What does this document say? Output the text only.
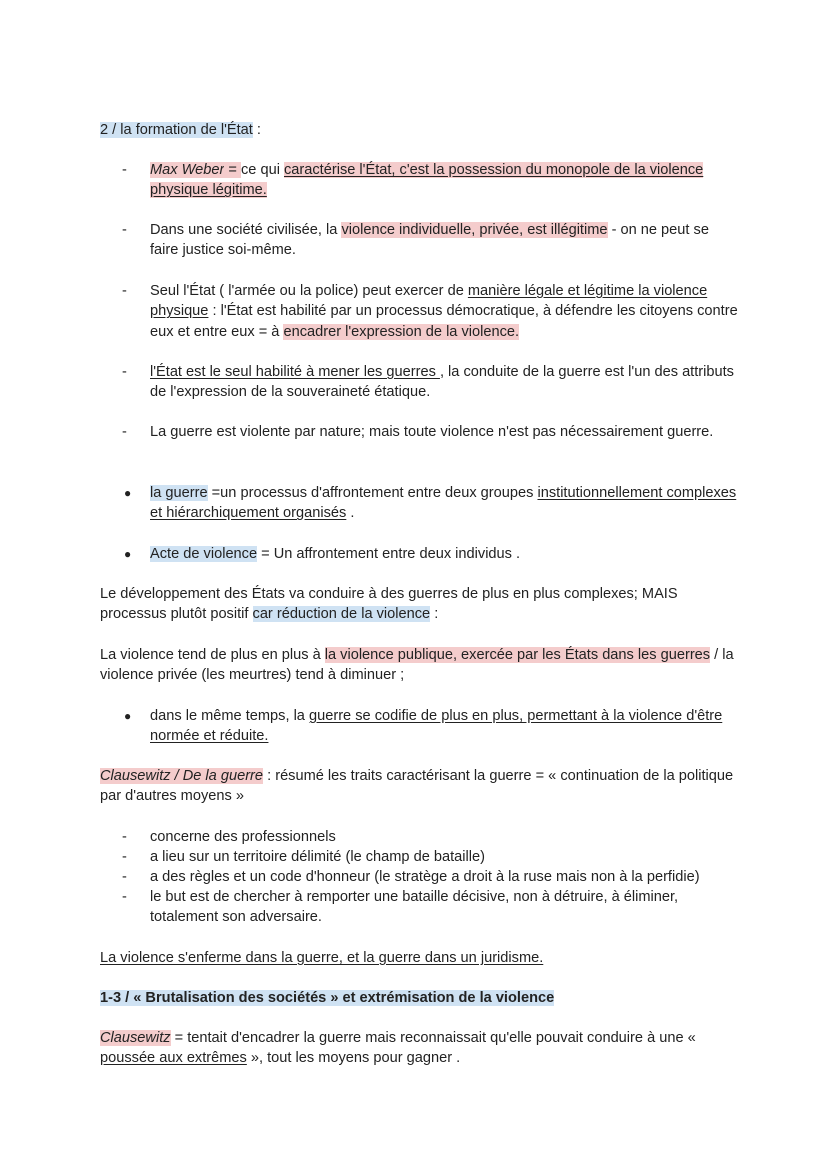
2 / la formation de l'État :
-	Max Weber = ce qui caractérise l'État, c'est la possession du monopole de la violence physique légitime.
-	Dans une société civilisée, la violence individuelle, privée, est illégitime - on ne peut se faire justice soi-même.
-	Seul l'État ( l'armée ou la police) peut exercer de manière légale et légitime la violence physique : l'État est habilité par un processus démocratique, à défendre les citoyens contre eux et entre eux = à encadrer l'expression de la violence.
-	l'État est le seul habilité à mener les guerres , la conduite de la guerre est l'un des attributs de l'expression de la souveraineté étatique.
-	La guerre est violente par nature; mais toute violence n'est pas nécessairement guerre.
● la guerre =un processus d'affrontement entre deux groupes institutionnellement complexes et hiérarchiquement organisés .
● Acte de violence = Un affrontement entre deux individus .
Le développement des États va conduire à des guerres de plus en plus complexes; MAIS processus plutôt positif car réduction de la violence :
La violence tend de plus en plus à la violence publique, exercée par les États dans les guerres / la violence privée (les meurtres) tend à diminuer ;
● dans le même temps, la guerre se codifie de plus en plus, permettant à la violence d'être normée et réduite.
Clausewitz / De la guerre : résumé les traits caractérisant la guerre = « continuation de la politique par d'autres moyens »
-	concerne des professionnels
-	a lieu sur un territoire délimité (le champ de bataille)
-	a des règles et un code d'honneur (le stratège a droit à la ruse mais non à la perfidie)
-	le but est de chercher à remporter une bataille décisive, non à détruire, à éliminer, totalement son adversaire.
La violence s'enferme dans la guerre, et la guerre dans un juridisme.
1-3 / « Brutalisation des sociétés » et extrémisation de la violence
Clausewitz = tentait d'encadrer la guerre mais reconnaissait qu'elle pouvait conduire à une « poussée aux extrêmes », tout les moyens pour gagner .
